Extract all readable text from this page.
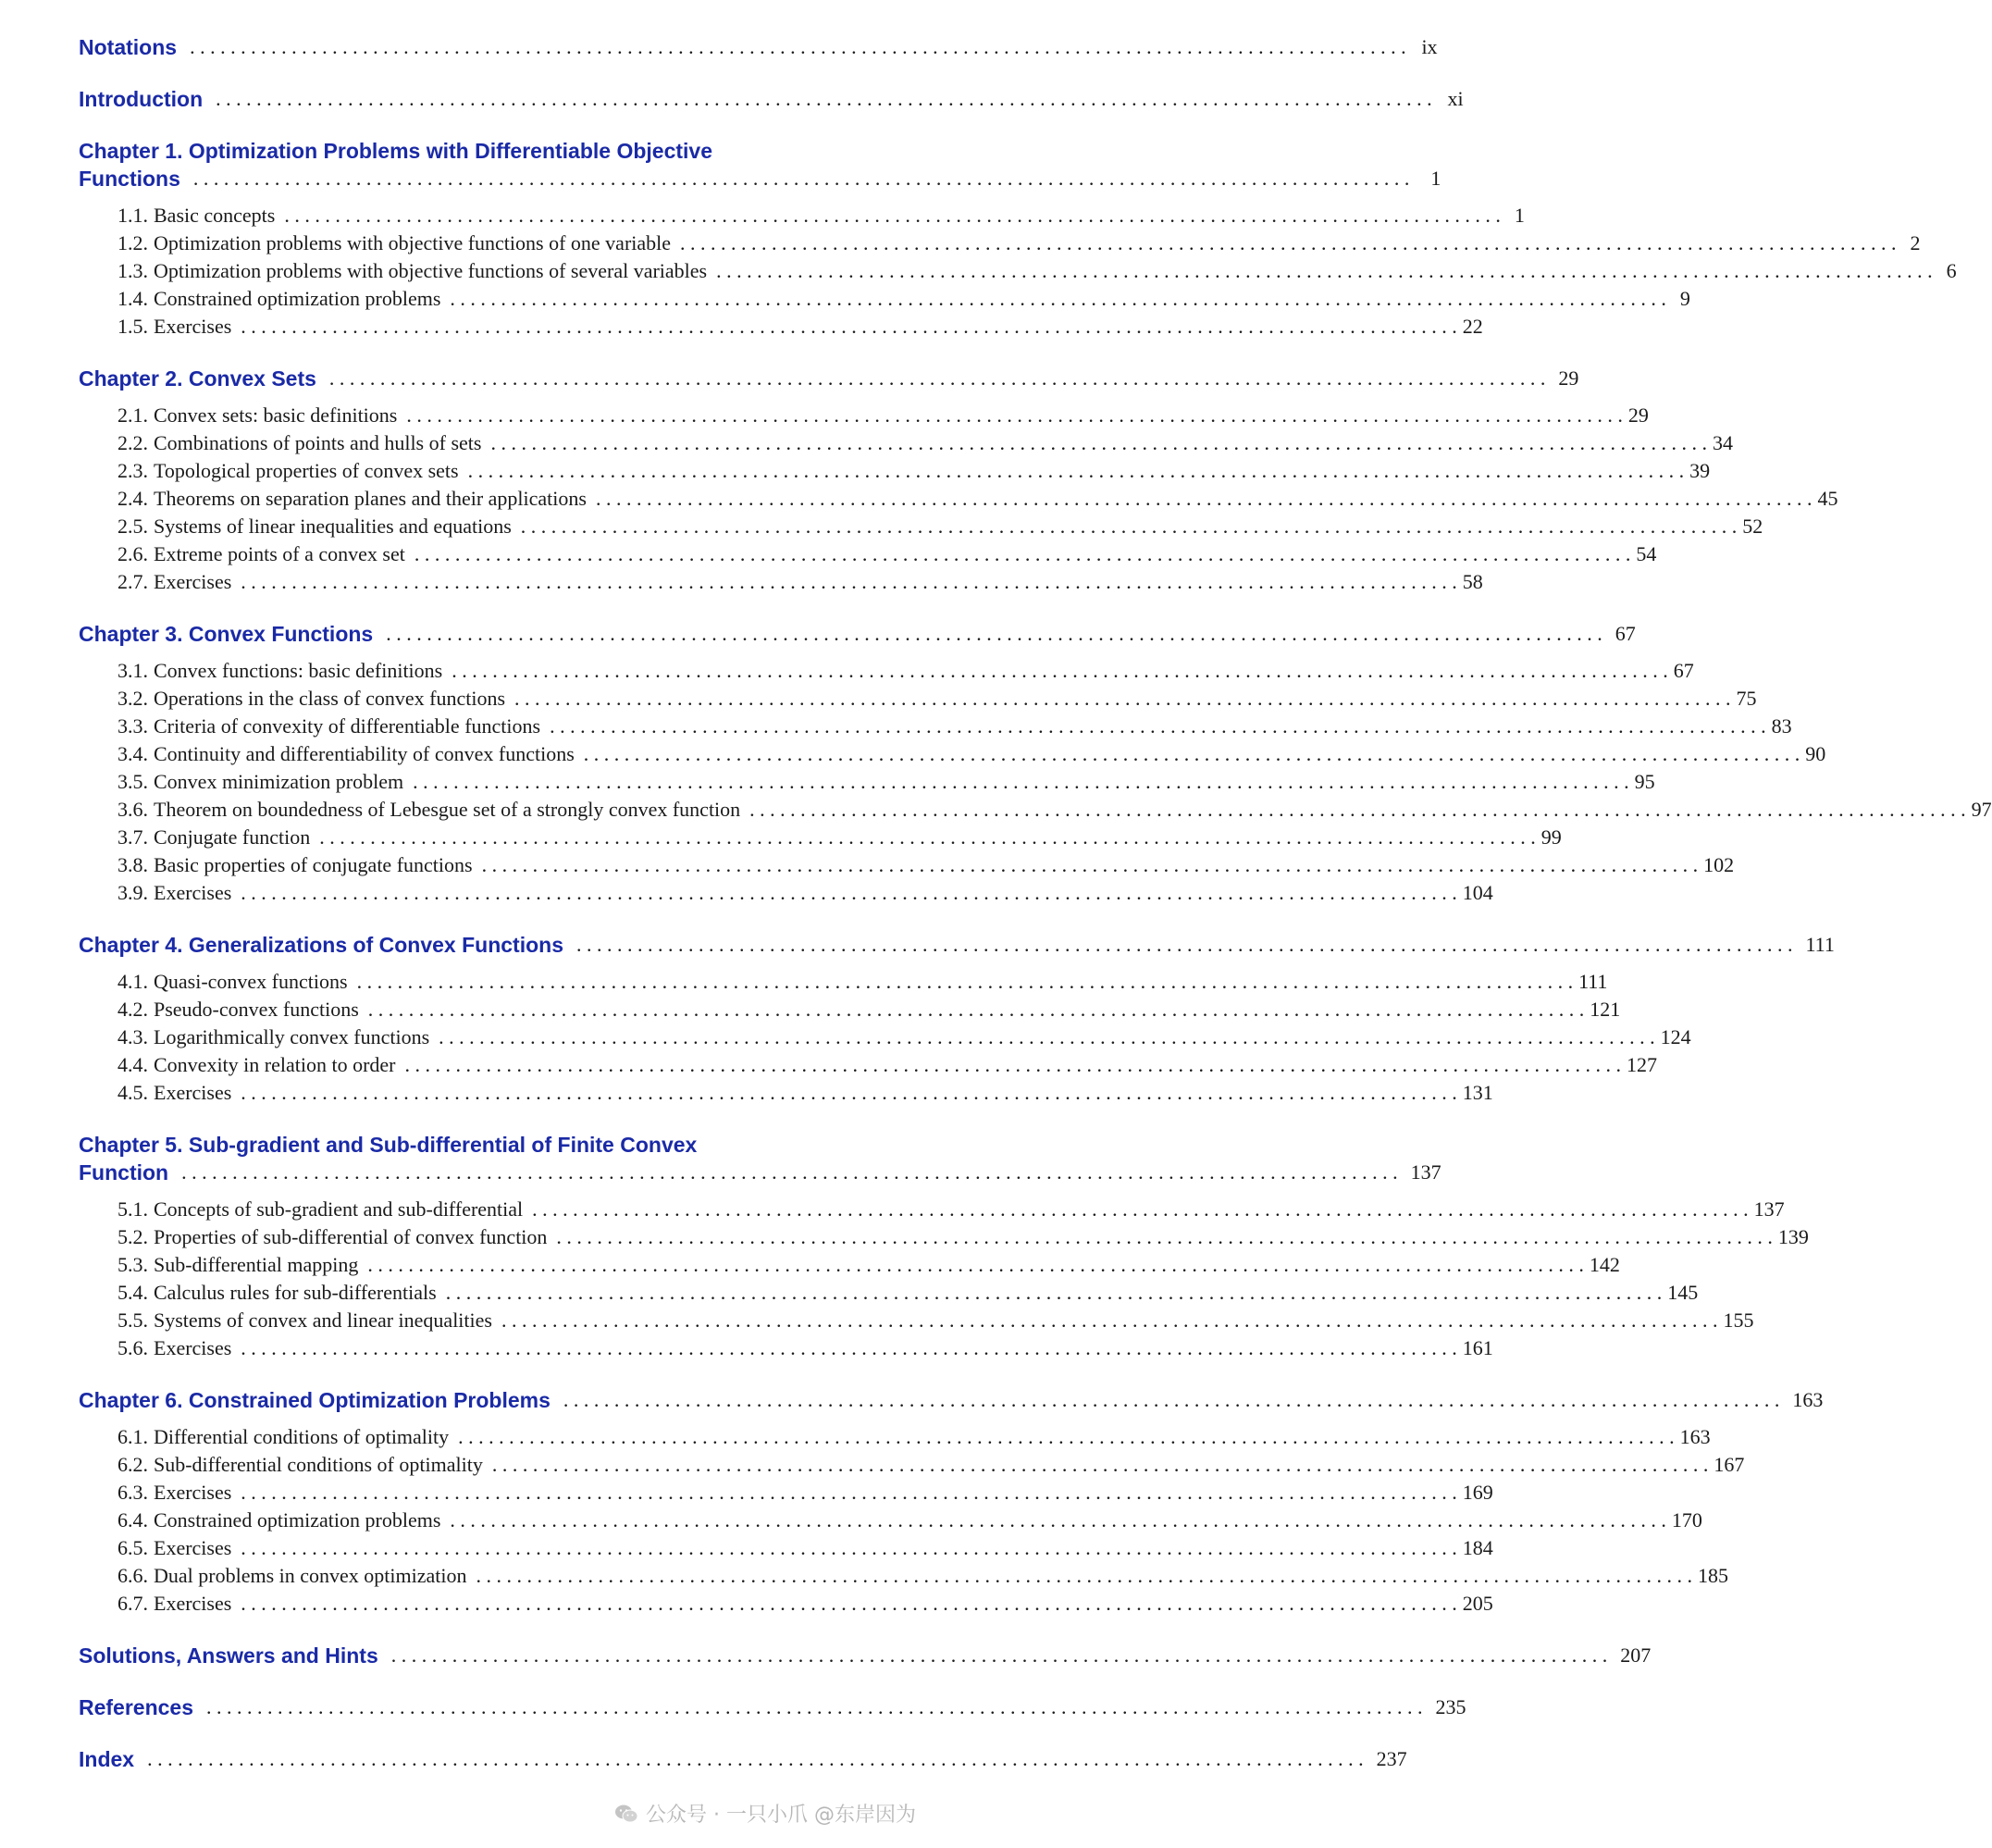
Notations . . . . . . . . . . . . . . . . . . . . . . . . . . . . . . . . . . . . . . . . . . . . . . . . . . . . . . . . . . . . . . . . . . . . . . . . . . . . . . . . . . . . . . . . . . . . . . . . . . . . . . . . . . . . . . . . . . . . . . . . ix
Introduction . . . . . . . . . . . . . . . . . . . . . . . . . . . . . . . . . . . . . . . . . . . . . . . . . . . . . . . . . . . . . . . . . . . . . . . . . . . . . . . . . . . . . . . . . . . . . . . . . . . . . . . . . . . . . . . . . . . . . . . . xi
Chapter 1. Optimization Problems with Differentiable Objective
Functions . . . . . . . . . . . . . . . . . . . . . . . . . . . . . . . . . . . . . . . . . . . . . . . . . . . . . . . . . . . . . . . . . . . . . . . . . . . . . . . . . . . . . . . . . . . . . . . . . . . . . . . . . . . . . . . . . . . . . . . .	1
1.1. Basic concepts . . . . . . . . . . . . . . . . . . . . . . . . . . . . . . . . . . . . . . . . . . . . . . . . . . . . . . . . . . . . . . . . . . . . . . . . . . . . . . . . . . . . . . . . . . . . . . . . . . . . . . . . . . . . . . . . . . . . . . . . 1
1.2. Optimization problems with objective functions of one variable . . . . . . . . . . . . . . . . . . . . . . . . . . . . . . . . . . . . . . . . . . . . . . . . . . . . . . . . . . . . . . . . . . . . . . . . . . . . . . . . . . . . . . . . . . . . . . . . . . . . . . . . . . . . . . . . . . . . . . . . 2
1.3. Optimization problems with objective functions of several variables . . . . . . . . . . . . . . . . . . . . . . . . . . . . . . . . . . . . . . . . . . . . . . . . . . . . . . . . . . . . . . . . . . . . . . . . . . . . . . . . . . . . . . . . . . . . . . . . . . . . . . . . . . . . . . . . . . . . . . . . 6
1.4. Constrained optimization problems . . . . . . . . . . . . . . . . . . . . . . . . . . . . . . . . . . . . . . . . . . . . . . . . . . . . . . . . . . . . . . . . . . . . . . . . . . . . . . . . . . . . . . . . . . . . . . . . . . . . . . . . . . . . . . . . . . . . . . . . 9
1.5. Exercises . . . . . . . . . . . . . . . . . . . . . . . . . . . . . . . . . . . . . . . . . . . . . . . . . . . . . . . . . . . . . . . . . . . . . . . . . . . . . . . . . . . . . . . . . . . . . . . . . . . . . . . . . . . . . . . . . . . . . . . . 22
Chapter 2. Convex Sets . . . . . . . . . . . . . . . . . . . . . . . . . . . . . . . . . . . . . . . . . . . . . . . . . . . . . . . . . . . . . . . . . . . . . . . . . . . . . . . . . . . . . . . . . . . . . . . . . . . . . . . . . . . . . . . . . . . . . . . . 29
2.1. Convex sets: basic definitions . . . . . . . . . . . . . . . . . . . . . . . . . . . . . . . . . . . . . . . . . . . . . . . . . . . . . . . . . . . . . . . . . . . . . . . . . . . . . . . . . . . . . . . . . . . . . . . . . . . . . . . . . . . . . . . . . . . . . . . . 29
2.2. Combinations of points and hulls of sets . . . . . . . . . . . . . . . . . . . . . . . . . . . . . . . . . . . . . . . . . . . . . . . . . . . . . . . . . . . . . . . . . . . . . . . . . . . . . . . . . . . . . . . . . . . . . . . . . . . . . . . . . . . . . . . . . . . . . . . . 34
2.3. Topological properties of convex sets . . . . . . . . . . . . . . . . . . . . . . . . . . . . . . . . . . . . . . . . . . . . . . . . . . . . . . . . . . . . . . . . . . . . . . . . . . . . . . . . . . . . . . . . . . . . . . . . . . . . . . . . . . . . . . . . . . . . . . . . 39
2.4. Theorems on separation planes and their applications . . . . . . . . . . . . . . . . . . . . . . . . . . . . . . . . . . . . . . . . . . . . . . . . . . . . . . . . . . . . . . . . . . . . . . . . . . . . . . . . . . . . . . . . . . . . . . . . . . . . . . . . . . . . . . . . . . . . . . . . 45
2.5. Systems of linear inequalities and equations . . . . . . . . . . . . . . . . . . . . . . . . . . . . . . . . . . . . . . . . . . . . . . . . . . . . . . . . . . . . . . . . . . . . . . . . . . . . . . . . . . . . . . . . . . . . . . . . . . . . . . . . . . . . . . . . . . . . . . . . 52
2.6. Extreme points of a convex set . . . . . . . . . . . . . . . . . . . . . . . . . . . . . . . . . . . . . . . . . . . . . . . . . . . . . . . . . . . . . . . . . . . . . . . . . . . . . . . . . . . . . . . . . . . . . . . . . . . . . . . . . . . . . . . . . . . . . . . . 54
2.7. Exercises . . . . . . . . . . . . . . . . . . . . . . . . . . . . . . . . . . . . . . . . . . . . . . . . . . . . . . . . . . . . . . . . . . . . . . . . . . . . . . . . . . . . . . . . . . . . . . . . . . . . . . . . . . . . . . . . . . . . . . . . 58
Chapter 3. Convex Functions . . . . . . . . . . . . . . . . . . . . . . . . . . . . . . . . . . . . . . . . . . . . . . . . . . . . . . . . . . . . . . . . . . . . . . . . . . . . . . . . . . . . . . . . . . . . . . . . . . . . . . . . . . . . . . . . . . . . . . . . 67
3.1. Convex functions: basic definitions . . . . . . . . . . . . . . . . . . . . . . . . . . . . . . . . . . . . . . . . . . . . . . . . . . . . . . . . . . . . . . . . . . . . . . . . . . . . . . . . . . . . . . . . . . . . . . . . . . . . . . . . . . . . . . . . . . . . . . . . 67
3.2. Operations in the class of convex functions . . . . . . . . . . . . . . . . . . . . . . . . . . . . . . . . . . . . . . . . . . . . . . . . . . . . . . . . . . . . . . . . . . . . . . . . . . . . . . . . . . . . . . . . . . . . . . . . . . . . . . . . . . . . . . . . . . . . . . . . 75
3.3. Criteria of convexity of differentiable functions . . . . . . . . . . . . . . . . . . . . . . . . . . . . . . . . . . . . . . . . . . . . . . . . . . . . . . . . . . . . . . . . . . . . . . . . . . . . . . . . . . . . . . . . . . . . . . . . . . . . . . . . . . . . . . . . . . . . . . . . 83
3.4. Continuity and differentiability of convex functions . . . . . . . . . . . . . . . . . . . . . . . . . . . . . . . . . . . . . . . . . . . . . . . . . . . . . . . . . . . . . . . . . . . . . . . . . . . . . . . . . . . . . . . . . . . . . . . . . . . . . . . . . . . . . . . . . . . . . . . . 90
3.5. Convex minimization problem . . . . . . . . . . . . . . . . . . . . . . . . . . . . . . . . . . . . . . . . . . . . . . . . . . . . . . . . . . . . . . . . . . . . . . . . . . . . . . . . . . . . . . . . . . . . . . . . . . . . . . . . . . . . . . . . . . . . . . . . 95
3.6. Theorem on boundedness of Lebesgue set of a strongly convex function . . . . . . . . . . . . . . . . . . . . . . . . . . . . . . . . . . . . . . . . . . . . . . . . . . . . . . . . . . . . . . . . . . . . . . . . . . . . . . . . . . . . . . . . . . . . . . . . . . . . . . . . . . . . . . . . . . . . . . . . 97
3.7. Conjugate function . . . . . . . . . . . . . . . . . . . . . . . . . . . . . . . . . . . . . . . . . . . . . . . . . . . . . . . . . . . . . . . . . . . . . . . . . . . . . . . . . . . . . . . . . . . . . . . . . . . . . . . . . . . . . . . . . . . . . . . . 99
3.8. Basic properties of conjugate functions . . . . . . . . . . . . . . . . . . . . . . . . . . . . . . . . . . . . . . . . . . . . . . . . . . . . . . . . . . . . . . . . . . . . . . . . . . . . . . . . . . . . . . . . . . . . . . . . . . . . . . . . . . . . . . . . . . . . . . . . 102
3.9. Exercises . . . . . . . . . . . . . . . . . . . . . . . . . . . . . . . . . . . . . . . . . . . . . . . . . . . . . . . . . . . . . . . . . . . . . . . . . . . . . . . . . . . . . . . . . . . . . . . . . . . . . . . . . . . . . . . . . . . . . . . . 104
Chapter 4. Generalizations of Convex Functions . . . . . . . . . . . . . . . . . . . . . . . . . . . . . . . . . . . . . . . . . . . . . . . . . . . . . . . . . . . . . . . . . . . . . . . . . . . . . . . . . . . . . . . . . . . . . . . . . . . . . . . . . . . . . . . . . . . . . . . . 111
4.1. Quasi-convex functions . . . . . . . . . . . . . . . . . . . . . . . . . . . . . . . . . . . . . . . . . . . . . . . . . . . . . . . . . . . . . . . . . . . . . . . . . . . . . . . . . . . . . . . . . . . . . . . . . . . . . . . . . . . . . . . . . . . . . . . . 111
4.2. Pseudo-convex functions . . . . . . . . . . . . . . . . . . . . . . . . . . . . . . . . . . . . . . . . . . . . . . . . . . . . . . . . . . . . . . . . . . . . . . . . . . . . . . . . . . . . . . . . . . . . . . . . . . . . . . . . . . . . . . . . . . . . . . . . 121
4.3. Logarithmically convex functions . . . . . . . . . . . . . . . . . . . . . . . . . . . . . . . . . . . . . . . . . . . . . . . . . . . . . . . . . . . . . . . . . . . . . . . . . . . . . . . . . . . . . . . . . . . . . . . . . . . . . . . . . . . . . . . . . . . . . . . . 124
4.4. Convexity in relation to order . . . . . . . . . . . . . . . . . . . . . . . . . . . . . . . . . . . . . . . . . . . . . . . . . . . . . . . . . . . . . . . . . . . . . . . . . . . . . . . . . . . . . . . . . . . . . . . . . . . . . . . . . . . . . . . . . . . . . . . . 127
4.5. Exercises . . . . . . . . . . . . . . . . . . . . . . . . . . . . . . . . . . . . . . . . . . . . . . . . . . . . . . . . . . . . . . . . . . . . . . . . . . . . . . . . . . . . . . . . . . . . . . . . . . . . . . . . . . . . . . . . . . . . . . . . 131
Chapter 5. Sub-gradient and Sub-differential of Finite Convex
Function . . . . . . . . . . . . . . . . . . . . . . . . . . . . . . . . . . . . . . . . . . . . . . . . . . . . . . . . . . . . . . . . . . . . . . . . . . . . . . . . . . . . . . . . . . . . . . . . . . . . . . . . . . . . . . . . . . . . . . . . 137
5.1. Concepts of sub-gradient and sub-differential . . . . . . . . . . . . . . . . . . . . . . . . . . . . . . . . . . . . . . . . . . . . . . . . . . . . . . . . . . . . . . . . . . . . . . . . . . . . . . . . . . . . . . . . . . . . . . . . . . . . . . . . . . . . . . . . . . . . . . . . 137
5.2. Properties of sub-differential of convex function . . . . . . . . . . . . . . . . . . . . . . . . . . . . . . . . . . . . . . . . . . . . . . . . . . . . . . . . . . . . . . . . . . . . . . . . . . . . . . . . . . . . . . . . . . . . . . . . . . . . . . . . . . . . . . . . . . . . . . . . 139
5.3. Sub-differential mapping . . . . . . . . . . . . . . . . . . . . . . . . . . . . . . . . . . . . . . . . . . . . . . . . . . . . . . . . . . . . . . . . . . . . . . . . . . . . . . . . . . . . . . . . . . . . . . . . . . . . . . . . . . . . . . . . . . . . . . . . 142
5.4. Calculus rules for sub-differentials . . . . . . . . . . . . . . . . . . . . . . . . . . . . . . . . . . . . . . . . . . . . . . . . . . . . . . . . . . . . . . . . . . . . . . . . . . . . . . . . . . . . . . . . . . . . . . . . . . . . . . . . . . . . . . . . . . . . . . . . 145
5.5. Systems of convex and linear inequalities . . . . . . . . . . . . . . . . . . . . . . . . . . . . . . . . . . . . . . . . . . . . . . . . . . . . . . . . . . . . . . . . . . . . . . . . . . . . . . . . . . . . . . . . . . . . . . . . . . . . . . . . . . . . . . . . . . . . . . . . 155
5.6. Exercises . . . . . . . . . . . . . . . . . . . . . . . . . . . . . . . . . . . . . . . . . . . . . . . . . . . . . . . . . . . . . . . . . . . . . . . . . . . . . . . . . . . . . . . . . . . . . . . . . . . . . . . . . . . . . . . . . . . . . . . . 161
Chapter 6. Constrained Optimization Problems . . . . . . . . . . . . . . . . . . . . . . . . . . . . . . . . . . . . . . . . . . . . . . . . . . . . . . . . . . . . . . . . . . . . . . . . . . . . . . . . . . . . . . . . . . . . . . . . . . . . . . . . . . . . . . . . . . . . . . . . 163
6.1. Differential conditions of optimality . . . . . . . . . . . . . . . . . . . . . . . . . . . . . . . . . . . . . . . . . . . . . . . . . . . . . . . . . . . . . . . . . . . . . . . . . . . . . . . . . . . . . . . . . . . . . . . . . . . . . . . . . . . . . . . . . . . . . . . . 163
6.2. Sub-differential conditions of optimality . . . . . . . . . . . . . . . . . . . . . . . . . . . . . . . . . . . . . . . . . . . . . . . . . . . . . . . . . . . . . . . . . . . . . . . . . . . . . . . . . . . . . . . . . . . . . . . . . . . . . . . . . . . . . . . . . . . . . . . . 167
6.3. Exercises . . . . . . . . . . . . . . . . . . . . . . . . . . . . . . . . . . . . . . . . . . . . . . . . . . . . . . . . . . . . . . . . . . . . . . . . . . . . . . . . . . . . . . . . . . . . . . . . . . . . . . . . . . . . . . . . . . . . . . . . 169
6.4. Constrained optimization problems . . . . . . . . . . . . . . . . . . . . . . . . . . . . . . . . . . . . . . . . . . . . . . . . . . . . . . . . . . . . . . . . . . . . . . . . . . . . . . . . . . . . . . . . . . . . . . . . . . . . . . . . . . . . . . . . . . . . . . . . 170
6.5. Exercises . . . . . . . . . . . . . . . . . . . . . . . . . . . . . . . . . . . . . . . . . . . . . . . . . . . . . . . . . . . . . . . . . . . . . . . . . . . . . . . . . . . . . . . . . . . . . . . . . . . . . . . . . . . . . . . . . . . . . . . . 184
6.6. Dual problems in convex optimization . . . . . . . . . . . . . . . . . . . . . . . . . . . . . . . . . . . . . . . . . . . . . . . . . . . . . . . . . . . . . . . . . . . . . . . . . . . . . . . . . . . . . . . . . . . . . . . . . . . . . . . . . . . . . . . . . . . . . . . . 185
6.7. Exercises . . . . . . . . . . . . . . . . . . . . . . . . . . . . . . . . . . . . . . . . . . . . . . . . . . . . . . . . . . . . . . . . . . . . . . . . . . . . . . . . . . . . . . . . . . . . . . . . . . . . . . . . . . . . . . . . . . . . . . . . 205
Solutions, Answers and Hints . . . . . . . . . . . . . . . . . . . . . . . . . . . . . . . . . . . . . . . . . . . . . . . . . . . . . . . . . . . . . . . . . . . . . . . . . . . . . . . . . . . . . . . . . . . . . . . . . . . . . . . . . . . . . . . . . . . . . . . . 207
References . . . . . . . . . . . . . . . . . . . . . . . . . . . . . . . . . . . . . . . . . . . . . . . . . . . . . . . . . . . . . . . . . . . . . . . . . . . . . . . . . . . . . . . . . . . . . . . . . . . . . . . . . . . . . . . . . . . . . . . . 235
Index . . . . . . . . . . . . . . . . . . . . . . . . . . . . . . . . . . . . . . . . . . . . . . . . . . . . . . . . . . . . . . . . . . . . . . . . . . . . . . . . . . . . . . . . . . . . . . . . . . . . . . . . . . . . . . . . . . . . . . . . 237
公众号 · 一只小爪 @东岸因为
